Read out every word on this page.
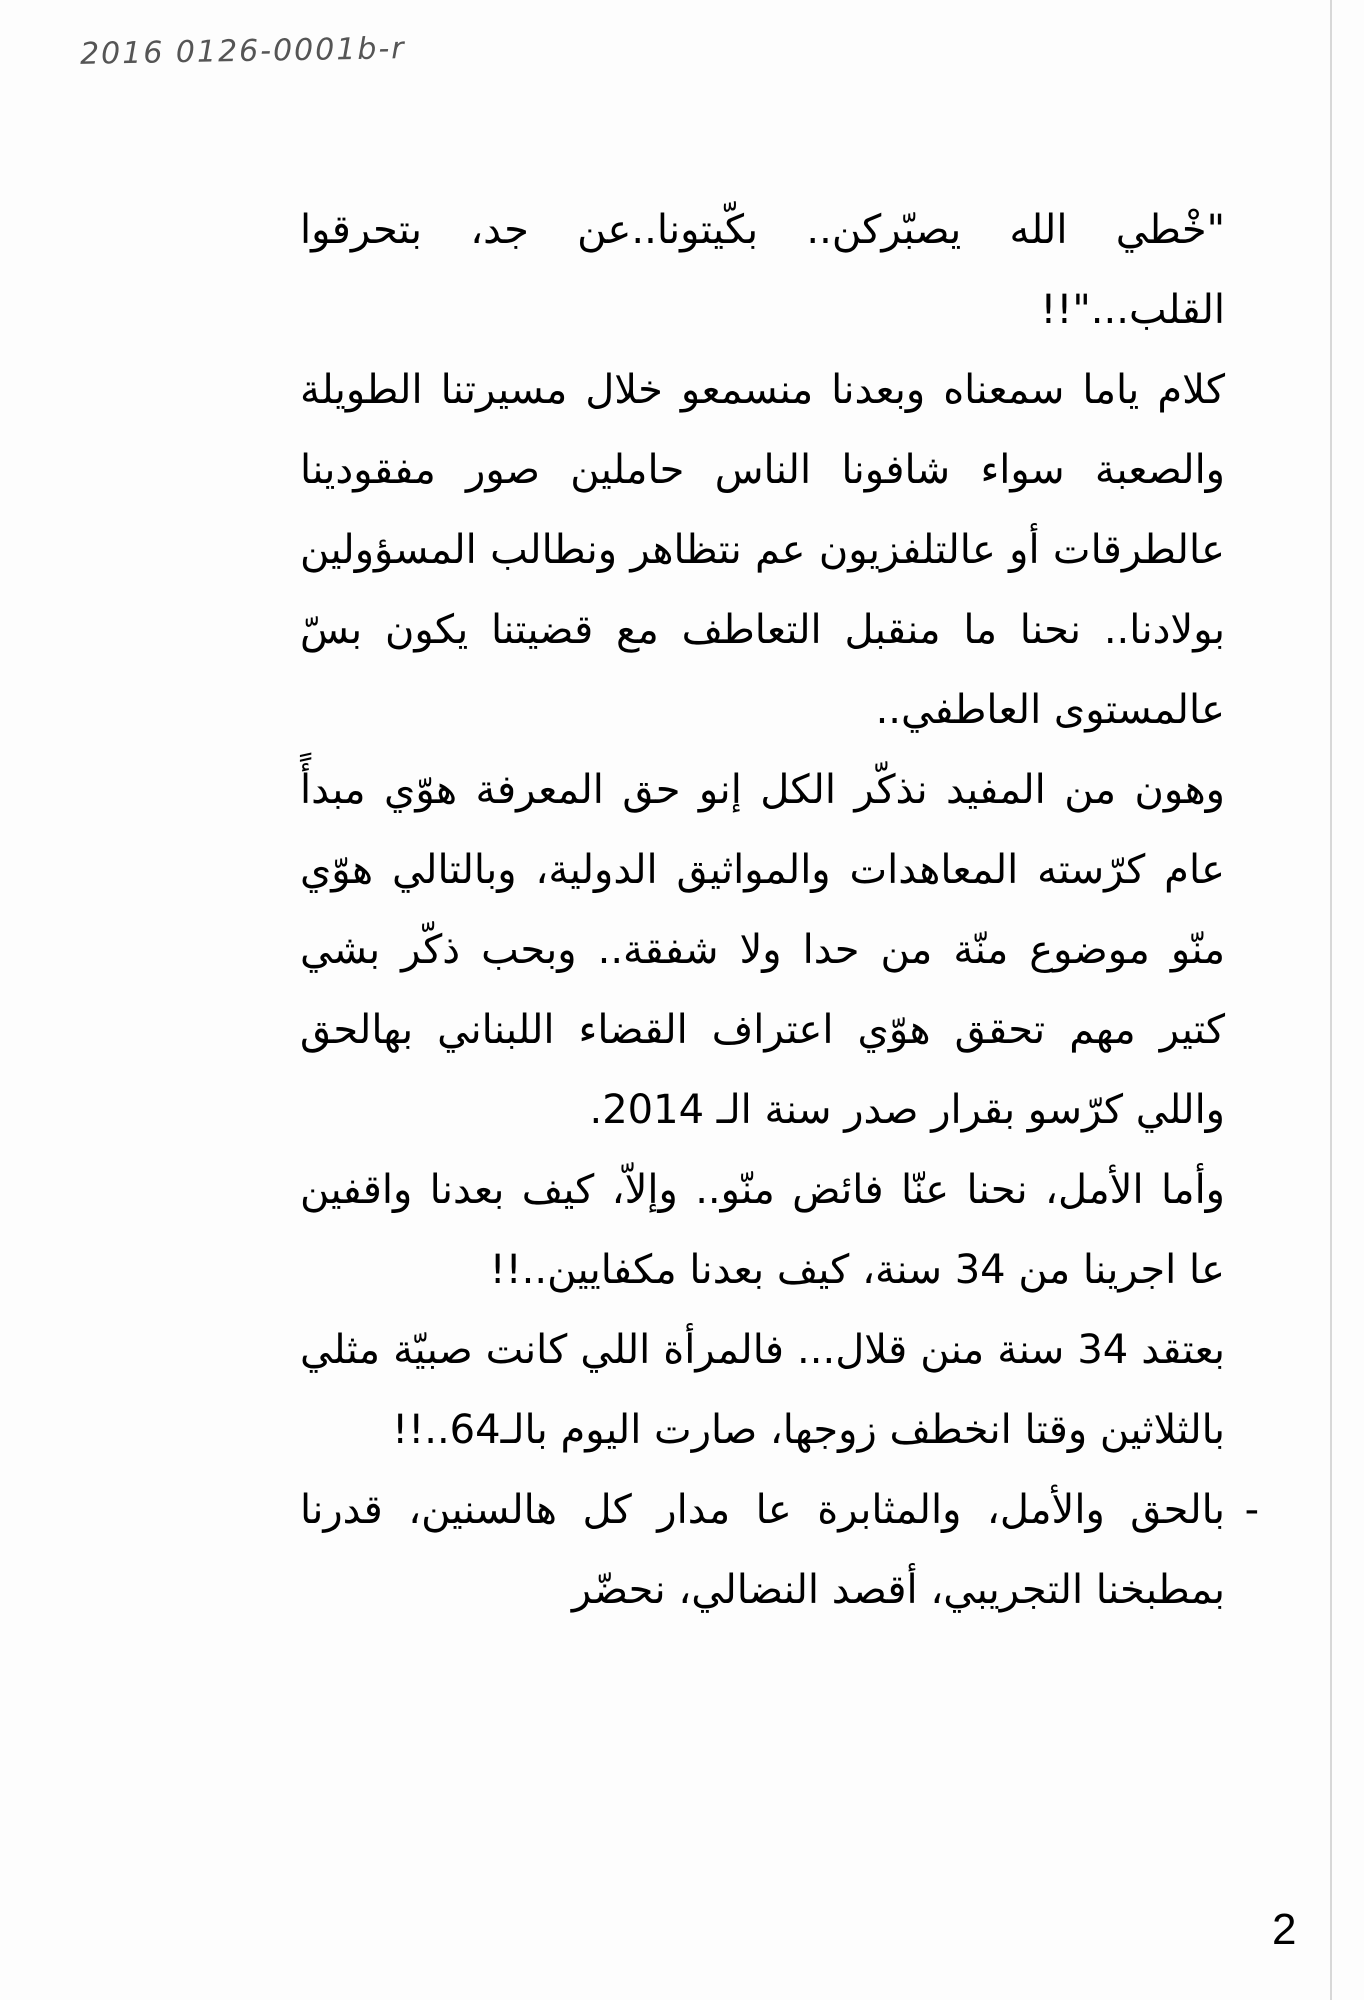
2016 0126-0001b-r

"خْطي الله يصبّركن.. بكّيتونا..عن جد، بتحرقوا القلب..."!!

كلام ياما سمعناه وبعدنا منسمعو خلال مسيرتنا الطويلة والصعبة سواء شافونا الناس حاملين صور مفقودينا عالطرقات أو عالتلفزيون عم نتظاهر ونطالب المسؤولين بولادنا.. نحنا ما منقبل التعاطف مع قضيتنا يكون بسّ عالمستوى العاطفي..

وهون من المفيد نذكّر الكل إنو حق المعرفة هوّي مبدأً عام كرّسته المعاهدات والمواثيق الدولية، وبالتالي هوّي منّو موضوع منّة من حدا ولا شفقة.. وبحب ذكّر بشي كتير مهم تحقق هوّي اعتراف القضاء اللبناني بهالحق واللي كرّسو بقرار صدر سنة الـ 2014.

وأما الأمل، نحنا عنّا فائض منّو.. وإلاّ، كيف بعدنا واقفين عا اجرينا من 34 سنة، كيف بعدنا مكفايين..!!

بعتقد 34 سنة منن قلال... فالمرأة اللي كانت صبيّة مثلي بالثلاثين وقتا انخطف زوجها، صارت اليوم بالـ64..!!

-
بالحق والأمل، والمثابرة عا مدار كل هالسنين، قدرنا بمطبخنا التجريبي، أقصد النضالي، نحضّر

2
